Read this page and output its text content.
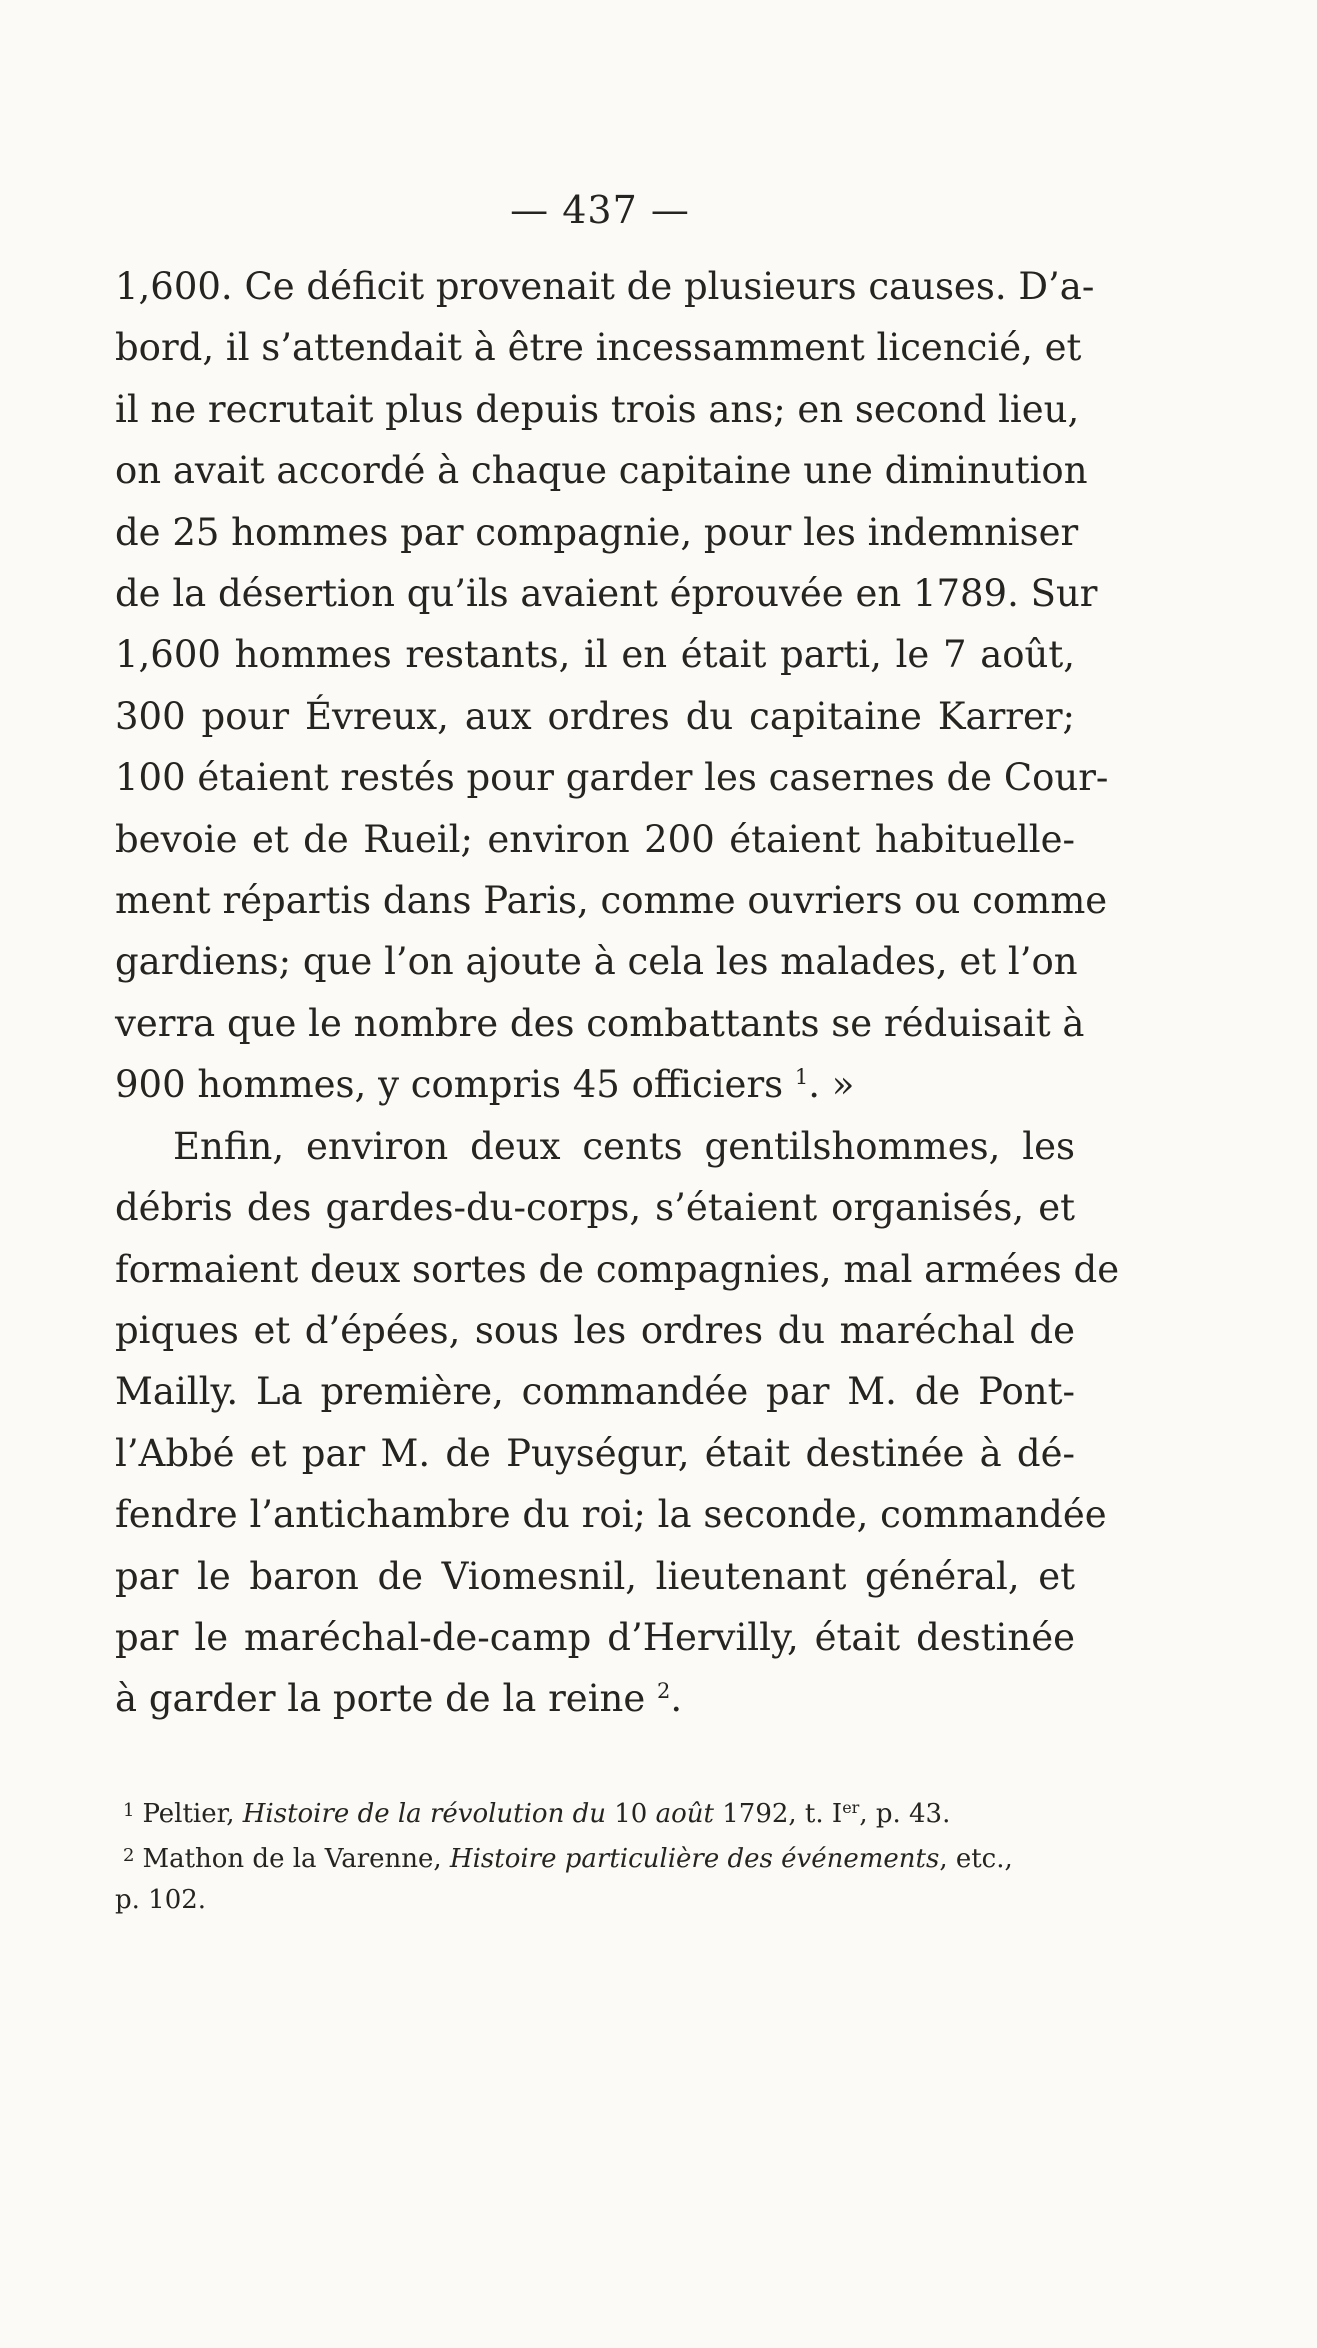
— 437 —
1,600. Ce déficit provenait de plusieurs causes. D’a-
bord, il s’attendait à être incessamment licencié, et
il ne recrutait plus depuis trois ans; en second lieu,
on avait accordé à chaque capitaine une diminution
de 25 hommes par compagnie, pour les indemniser
de la désertion qu’ils avaient éprouvée en 1789. Sur
1,600 hommes restants, il en était parti, le 7 août,
300 pour Évreux, aux ordres du capitaine Karrer;
100 étaient restés pour garder les casernes de Cour-
bevoie et de Rueil; environ 200 étaient habituelle-
ment répartis dans Paris, comme ouvriers ou comme
gardiens; que l’on ajoute à cela les malades, et l’on
verra que le nombre des combattants se réduisait à
900 hommes, y compris 45 officiers $^1$. »
Enfin, environ deux cents gentilshommes, les
débris des gardes-du-corps, s’étaient organisés, et
formaient deux sortes de compagnies, mal armées de
piques et d’épées, sous les ordres du maréchal de
Mailly. La première, commandée par M. de Pont-
l’Abbé et par M. de Puységur, était destinée à dé-
fendre l’antichambre du roi; la seconde, commandée
par le baron de Viomesnil, lieutenant général, et
par le maréchal-de-camp d’Hervilly, était destinée
à garder la porte de la reine $^2$.
$^1$ Peltier, Histoire de la révolution du 10 août 1792, t. Ier, p. 43.
$^2$ Mathon de la Varenne, Histoire particulière des événements, etc.,
p. 102.
